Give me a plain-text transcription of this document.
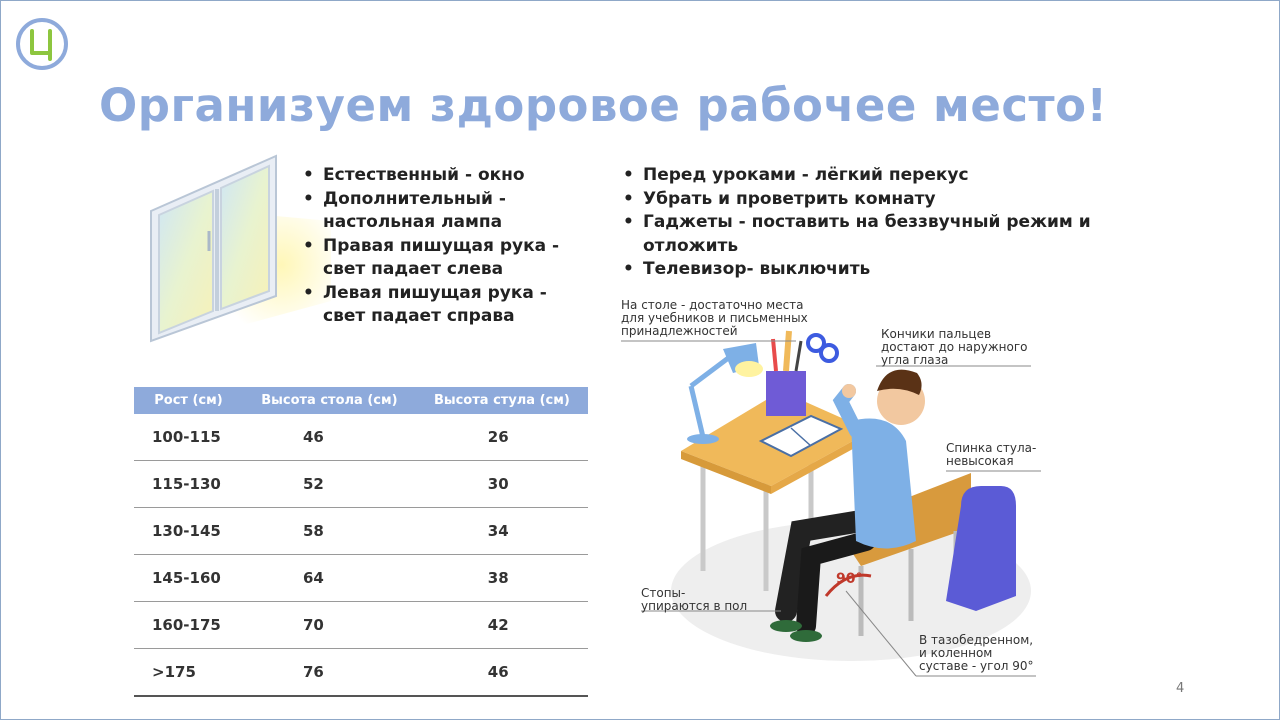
Организуем здоровое рабочее место!
• Естественный - окно
• Дополнительный - настольная лампа
• Правая пишущая рука - свет падает слева
• Левая пишущая рука - свет падает справа
• Перед уроками - лёгкий перекус
• Убрать и проветрить комнату
• Гаджеты - поставить на беззвучный режим и отложить
• Телевизор- выключить
Рост (см)	Высота стола (см)	Высота стула (см)
100-115	46	26
115-130	52	30
130-145	58	34
145-160	64	38
160-175	70	42
>175	76	46
90°
На столе - достаточно места
для учебников и письменных
принадлежностей	Кончики пальцев
достают до наружного
угла глаза
Спинка стула-
невысокая
Стопы-
упираются в пол
В тазобедренном,
и коленном
суставе - угол 90°
4
